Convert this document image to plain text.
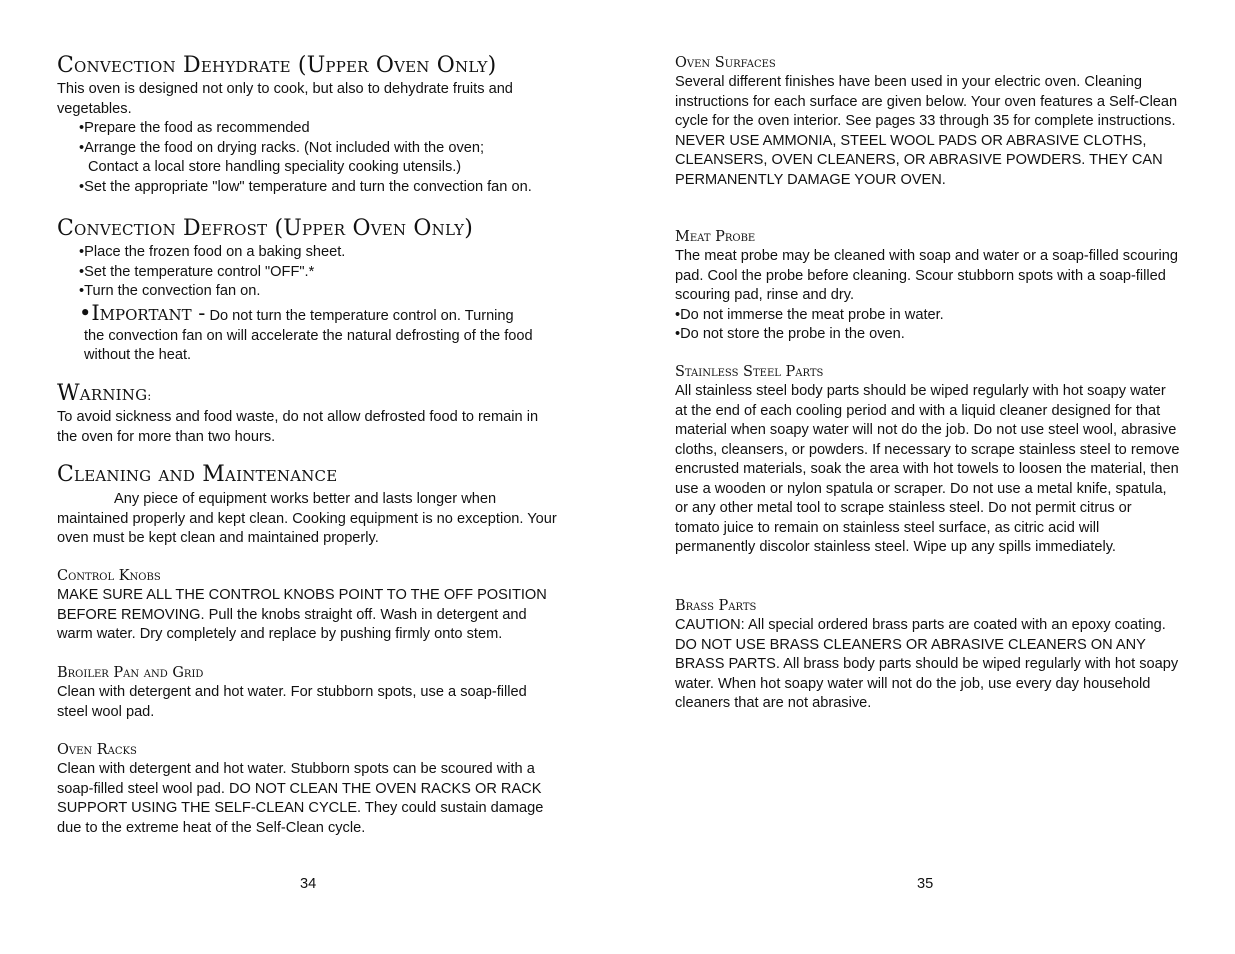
Convection Dehydrate (Upper Oven Only)

This oven is designed not only to cook, but also to dehydrate fruits and vegetables.

•Prepare the food as recommended

•Arrange the food on drying racks. (Not included with the oven;

Contact a local store handling speciality cooking utensils.)

•Set the appropriate "low" temperature and turn the convection fan on.

Convection Defrost (Upper Oven Only)

•Place the frozen food on a baking sheet.

•Set the temperature control "OFF".*

•Turn the convection fan on.

•Important - Do not turn the temperature control on. Turning

the convection fan on will accelerate the natural defrosting of the food

without the heat.

Warning:

To avoid sickness and food waste, do not allow defrosted food to remain in the oven for more than two hours.

Cleaning and Maintenance

Any piece of equipment works better and lasts longer when maintained properly and kept clean. Cooking equipment is no exception. Your oven must be kept clean and maintained properly.

Control Knobs

MAKE SURE ALL THE CONTROL KNOBS POINT TO THE OFF POSITION BEFORE REMOVING. Pull the knobs straight off. Wash in detergent and warm water. Dry completely and replace by pushing firmly onto stem.

Broiler Pan and Grid

Clean with detergent and hot water. For stubborn spots, use a soap-filled steel wool pad.

Oven Racks

Clean with detergent and hot water. Stubborn spots can be scoured with a soap-filled steel wool pad. DO NOT CLEAN THE OVEN RACKS OR RACK SUPPORT USING THE SELF-CLEAN CYCLE. They could sustain damage due to the extreme heat of the Self-Clean cycle.

34
Oven Surfaces

Several different finishes have been used in your electric oven. Cleaning instructions for each surface are given below. Your oven features a Self-Clean cycle for the oven interior. See pages 33 through 35 for complete instructions.

NEVER USE AMMONIA, STEEL WOOL PADS OR ABRASIVE CLOTHS, CLEANSERS, OVEN CLEANERS, OR ABRASIVE POWDERS. THEY CAN PERMANENTLY DAMAGE YOUR OVEN.

Meat Probe

The meat probe may be cleaned with soap and water or a soap-filled scouring pad. Cool the probe before cleaning. Scour stubborn spots with a soap-filled scouring pad, rinse and dry.

•Do not immerse the meat probe in water.

•Do not store the probe in the oven.

Stainless Steel Parts

All stainless steel body parts should be wiped regularly with hot soapy water at the end of each cooling period and with a liquid cleaner designed for that material when soapy water will not do the job. Do not use steel wool, abrasive cloths, cleansers, or powders. If necessary to scrape stainless steel to remove encrusted materials, soak the area with hot towels to loosen the material, then use a wooden or nylon spatula or scraper. Do not use a metal knife, spatula, or any other metal tool to scrape stainless steel. Do not permit citrus or tomato juice to remain on stainless steel surface, as citric acid will permanently discolor stainless steel. Wipe up any spills immediately.

Brass Parts

CAUTION: All special ordered brass parts are coated with an epoxy coating. DO NOT USE BRASS CLEANERS OR ABRASIVE CLEANERS ON ANY BRASS PARTS. All brass body parts should be wiped regularly with hot soapy water. When hot soapy water will not do the job, use every day household cleaners that are not abrasive.

35
